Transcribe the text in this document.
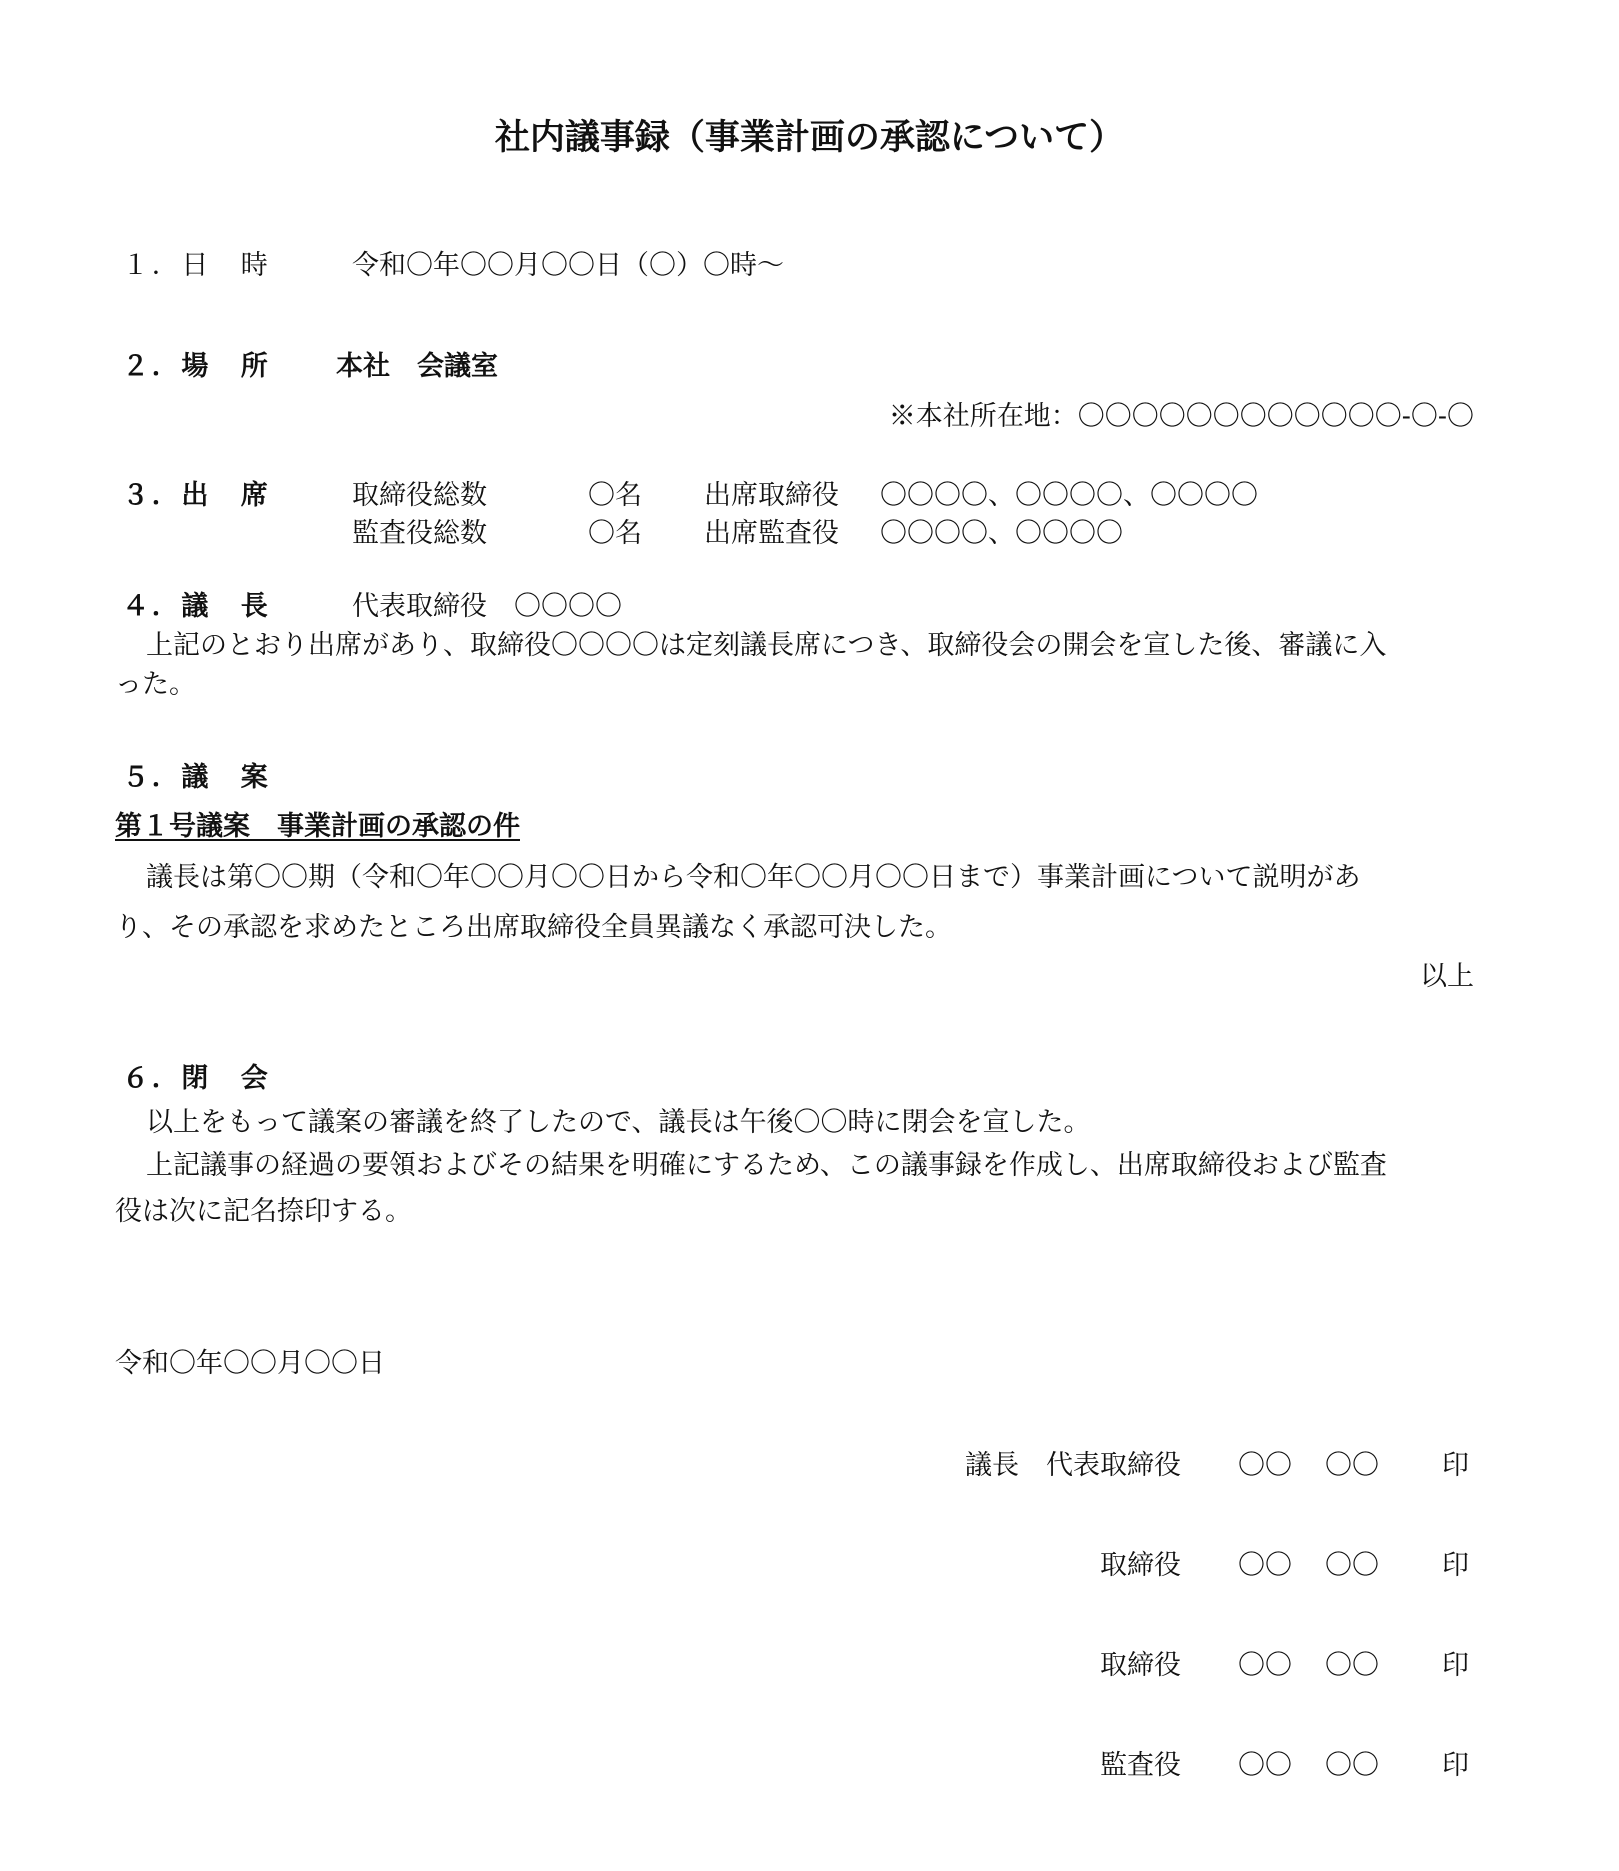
社内議事録（事業計画の承認について）
１．日　時	令和〇年〇〇月〇〇日（〇）〇時〜
２．場　所 本社　会議室
※本社所在地：〇〇〇〇〇〇〇〇〇〇〇〇-〇-〇
３．出　席	取締役総数	〇名 出席取締役 〇〇〇〇、〇〇〇〇、〇〇〇〇
監査役総数	〇名 出席監査役 〇〇〇〇、〇〇〇〇
４．議　長	代表取締役　〇〇〇〇
上記のとおり出席があり、取締役〇〇〇〇は定刻議長席につき、取締役会の開会を宣した後、審議に入
った。
５．議　案
第１号議案　事業計画の承認の件
議長は第〇〇期（令和〇年〇〇月〇〇日から令和〇年〇〇月〇〇日まで）事業計画について説明があ
り、その承認を求めたところ出席取締役全員異議なく承認可決した。
以上
６．閉　会
以上をもって議案の審議を終了したので、議長は午後〇〇時に閉会を宣した。
上記議事の経過の要領およびその結果を明確にするため、この議事録を作成し、出席取締役および監査
役は次に記名捺印する。
令和〇年〇〇月〇〇日
議長　代表取締役 〇〇 〇〇 印
取締役 〇〇 〇〇 印
取締役 〇〇 〇〇 印
監査役 〇〇 〇〇 印
